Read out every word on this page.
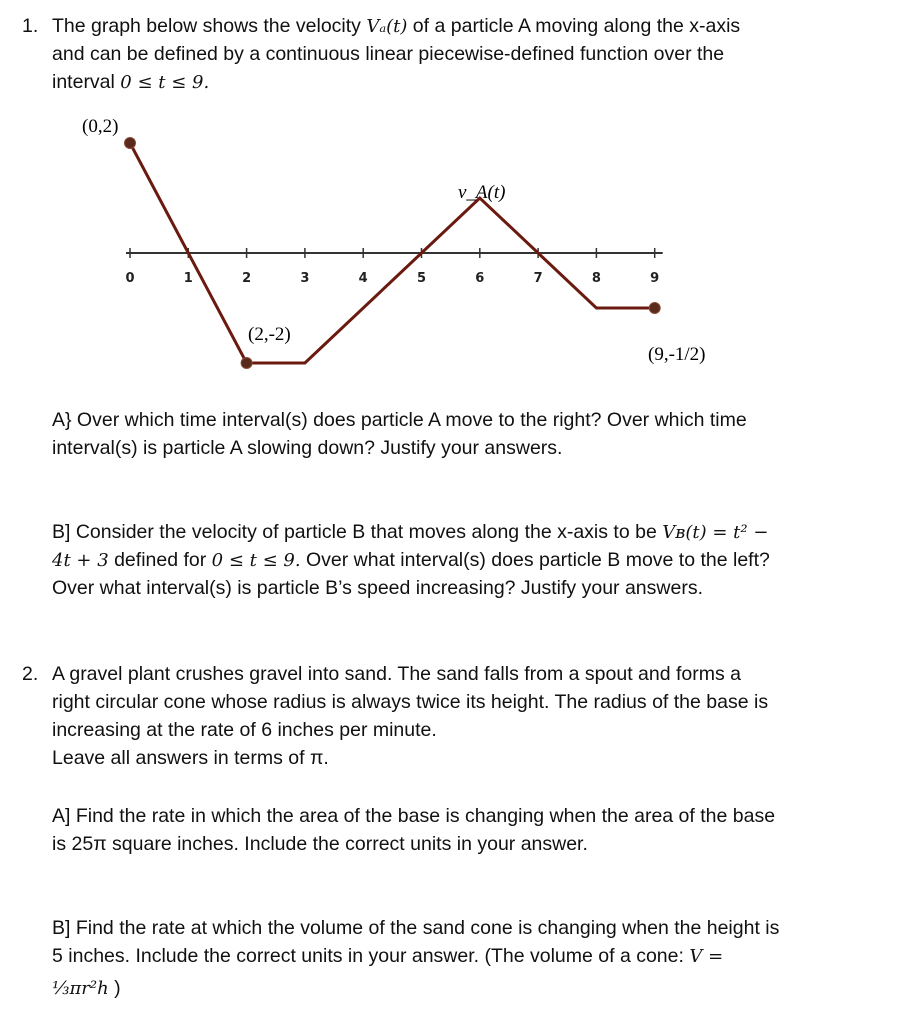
1. The graph below shows the velocity Vₐ(t) of a particle A moving along the x-axis

and can be defined by a continuous linear piecewise-defined function over the

interval 0 ≤ t ≤ 9.

0	1	2	3	4	5	6	7	8	9
(0,2)
(2,-2)
v_A(t)
(9,-1/2)

A} Over which time interval(s) does particle A move to the right? Over which time

interval(s) is particle A slowing down? Justify your answers.

B] Consider the velocity of particle B that moves along the x-axis to be Vʙ(t) = t² −

4t + 3 defined for 0 ≤ t ≤ 9. Over what interval(s) does particle B move to the left?

Over what interval(s) is particle B’s speed increasing? Justify your answers.

2. A gravel plant crushes gravel into sand. The sand falls from a spout and forms a

right circular cone whose radius is always twice its height. The radius of the base is

increasing at the rate of 6 inches per minute.

Leave all answers in terms of π.

A] Find the rate in which the area of the base is changing when the area of the base

is 25π square inches. Include the correct units in your answer.

B] Find the rate at which the volume of the sand cone is changing when the height is

5 inches. Include the correct units in your answer. (The volume of a cone: V =

⅓πr²h )
